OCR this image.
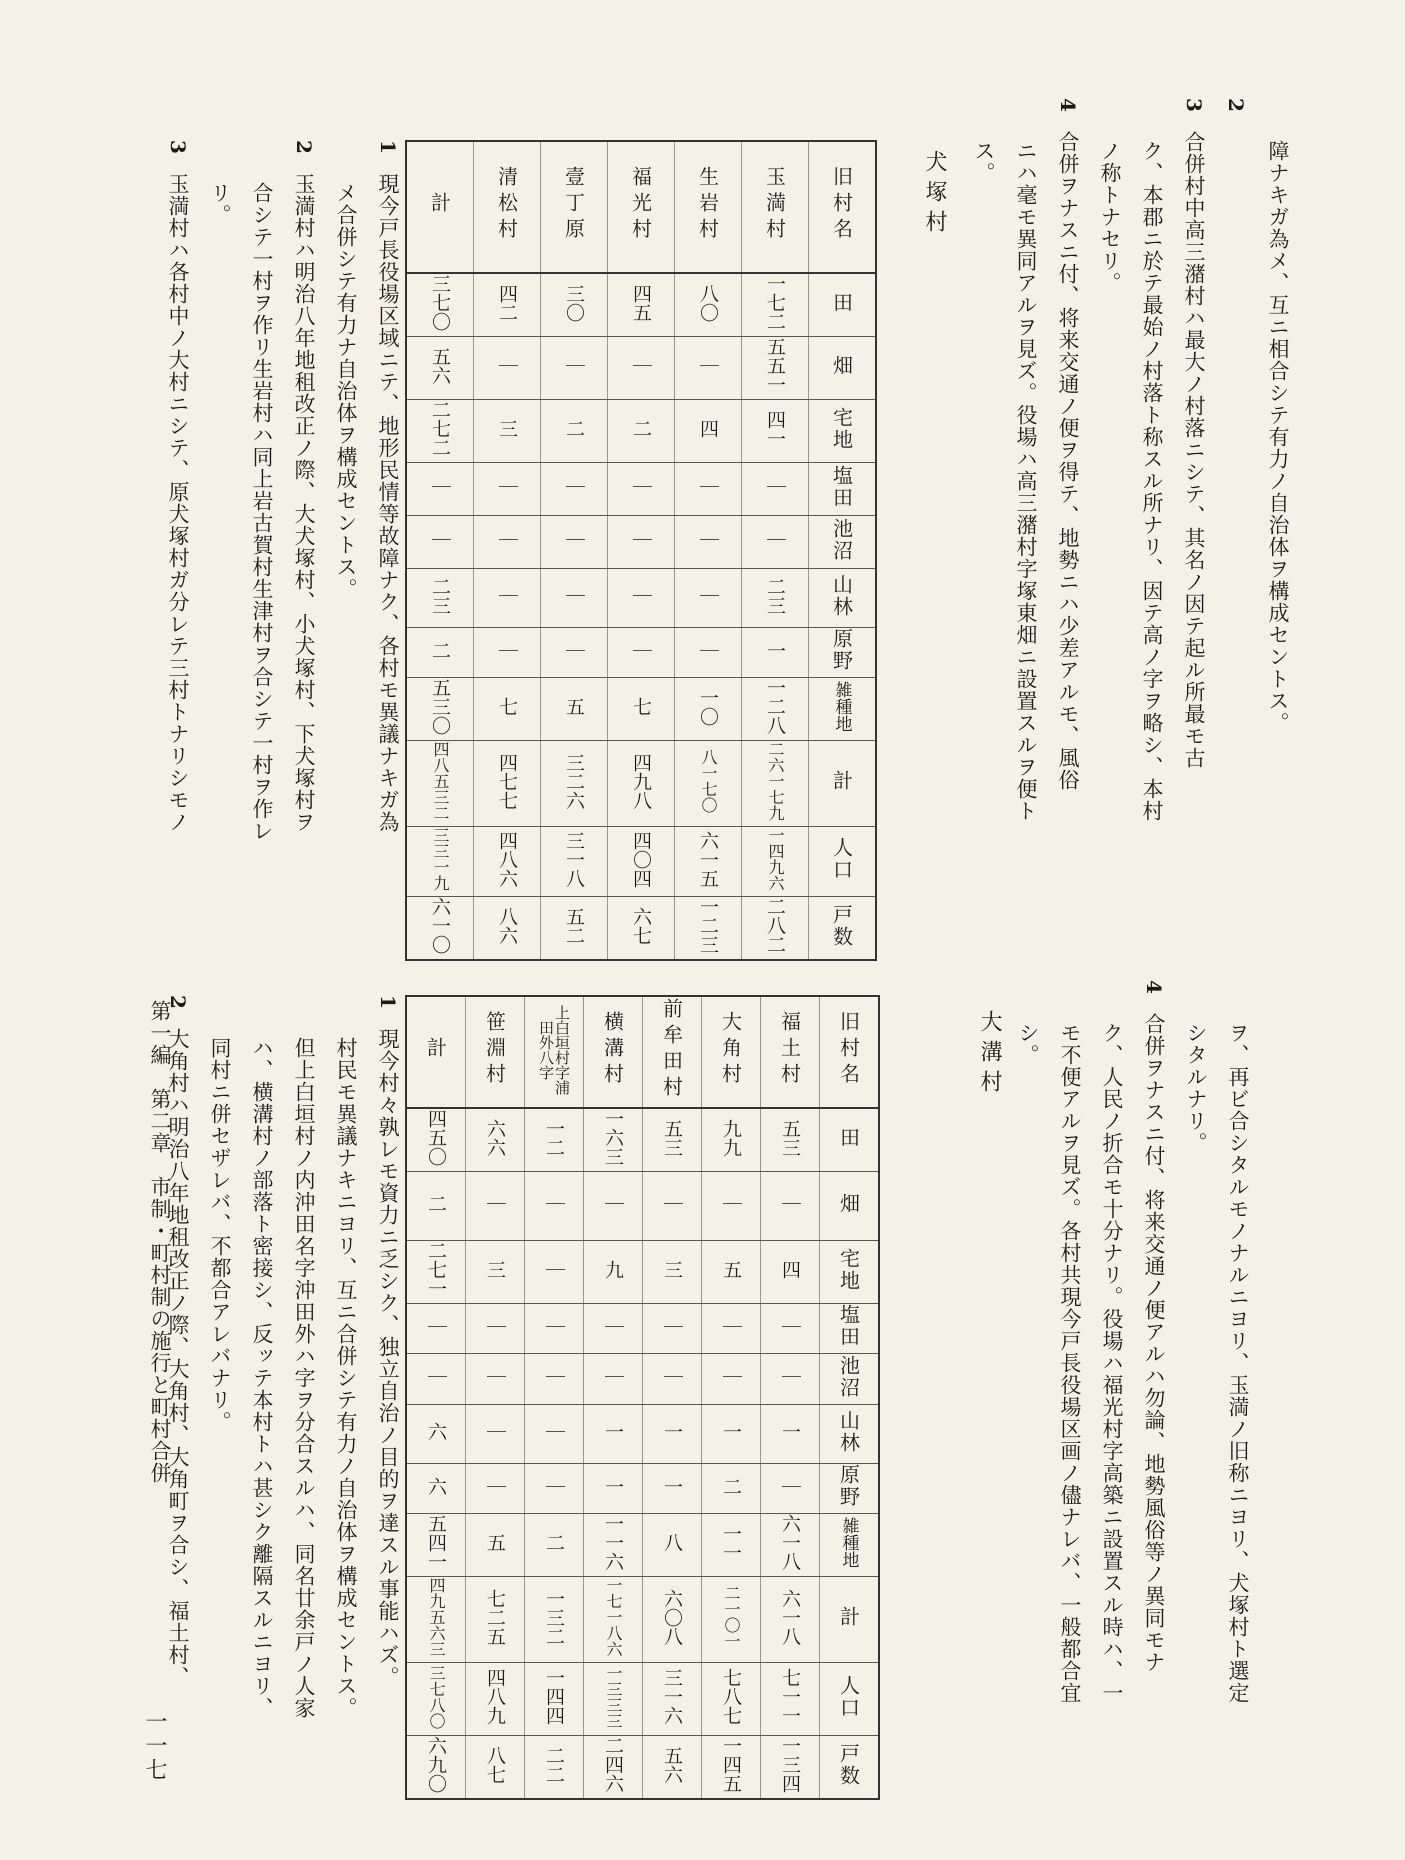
障ナキガ為メ、互ニ相合シテ有力ノ自治体ヲ構成セントス。
2
3合併村中高三潴村ハ最大ノ村落ニシテ、其名ノ因テ起ル所最モ古
ク、本郡ニ於テ最始ノ村落ト称スル所ナリ、因テ高ノ字ヲ略シ、本村
ノ称トナセリ。
4合併ヲナスニ付、将来交通ノ便ヲ得テ、地勢ニハ少差アルモ、風俗
ニハ毫モ異同アルヲ見ズ。役場ハ高三潴村字塚東畑ニ設置スルヲ便ト
ス。
犬塚村
計	清松村	壹丁原	福光村	生岩村	玉満村	旧村名
三七〇	四二	三〇	四五	八〇	一七二	田
五六	｜	｜	｜	｜	五五一	畑
二七二	三	二	二	四	四一	宅地
｜	｜	｜	｜	｜	｜	塩田
｜	｜	｜	｜	｜	｜	池沼
二三	｜	｜	｜	｜	二三	山林
二	｜	｜	｜	｜	一	原野
五三〇	七	五	七	一〇	一二八	雑種地
四八五三二	四七七	三二六	四九八	八一七〇	二六一七九	計
三三一九	四八六	三一八	四〇四	六一五	一四九六	人口
六一〇	八六	五二	六七	一二三	二八二	戸数
1現今戸長役場区域ニテ、地形民情等故障ナク、各村モ異議ナキガ為
メ合併シテ有力ナ自治体ヲ構成セントス。
2玉満村ハ明治八年地租改正ノ際、大犬塚村、小犬塚村、下犬塚村ヲ
合シテ一村ヲ作リ生岩村ハ同上岩古賀村生津村ヲ合シテ一村ヲ作レ
リ。
3玉満村ハ各村中ノ大村ニシテ、原犬塚村ガ分レテ三村トナリシモノ
ヲ、再ビ合シタルモノナルニヨリ、玉満ノ旧称ニヨリ、犬塚村ト選定
シタルナリ。
4合併ヲナスニ付、将来交通ノ便アルハ勿論、地勢風俗等ノ異同モナ
ク、人民ノ折合モ十分ナリ。役場ハ福光村字高築ニ設置スル時ハ、一
モ不便アルヲ見ズ。各村共現今戸長役場区画ノ儘ナレバ、一般都合宜
シ。
大溝村
計	笹淵村	上白垣村字浦田外八字	横溝村	前牟田村	大角村	福土村	旧村名
四五〇	六六	一二	一六三	五三	九九	五三	田
二	｜	｜	｜	｜	｜	｜	畑
二七一	三	｜	九	三	五	四	宅地
｜	｜	｜	｜	｜	｜	｜	塩田
｜	｜	｜	｜	｜	｜	｜	池沼
六	｜	｜	一	一	一	一	山林
六	｜	｜	一	一	二	｜	原野
五四一	五	二	一一六	八	一一	六一八	雑種地
四九五六三	七二五	一三二	一七一八六	六〇八	二一〇一	六一八	計
三七八〇	四八九	一四四	一三三三	三一六	七八七	七一一	人口
六九〇	八七	二二	二四六	五六	一四五	一三四	戸数
1現今村々孰レモ資力ニ乏シク、独立自治ノ目的ヲ達スル事能ハズ。
村民モ異議ナキニヨリ、互ニ合併シテ有力ノ自治体ヲ構成セントス。
但上白垣村ノ内沖田名字沖田外ハ字ヲ分合スルハ、同名廿余戸ノ人家
ハ、横溝村ノ部落ト密接シ、反ッテ本村トハ甚シク離隔スルニヨリ、
同村ニ併セザレバ、不都合アレバナリ。
2大角村ハ明治八年地租改正ノ際、大角村、大角町ヲ合シ、福土村、
第一編　第二章　市制・町村制の施行と町村合併
一一七
